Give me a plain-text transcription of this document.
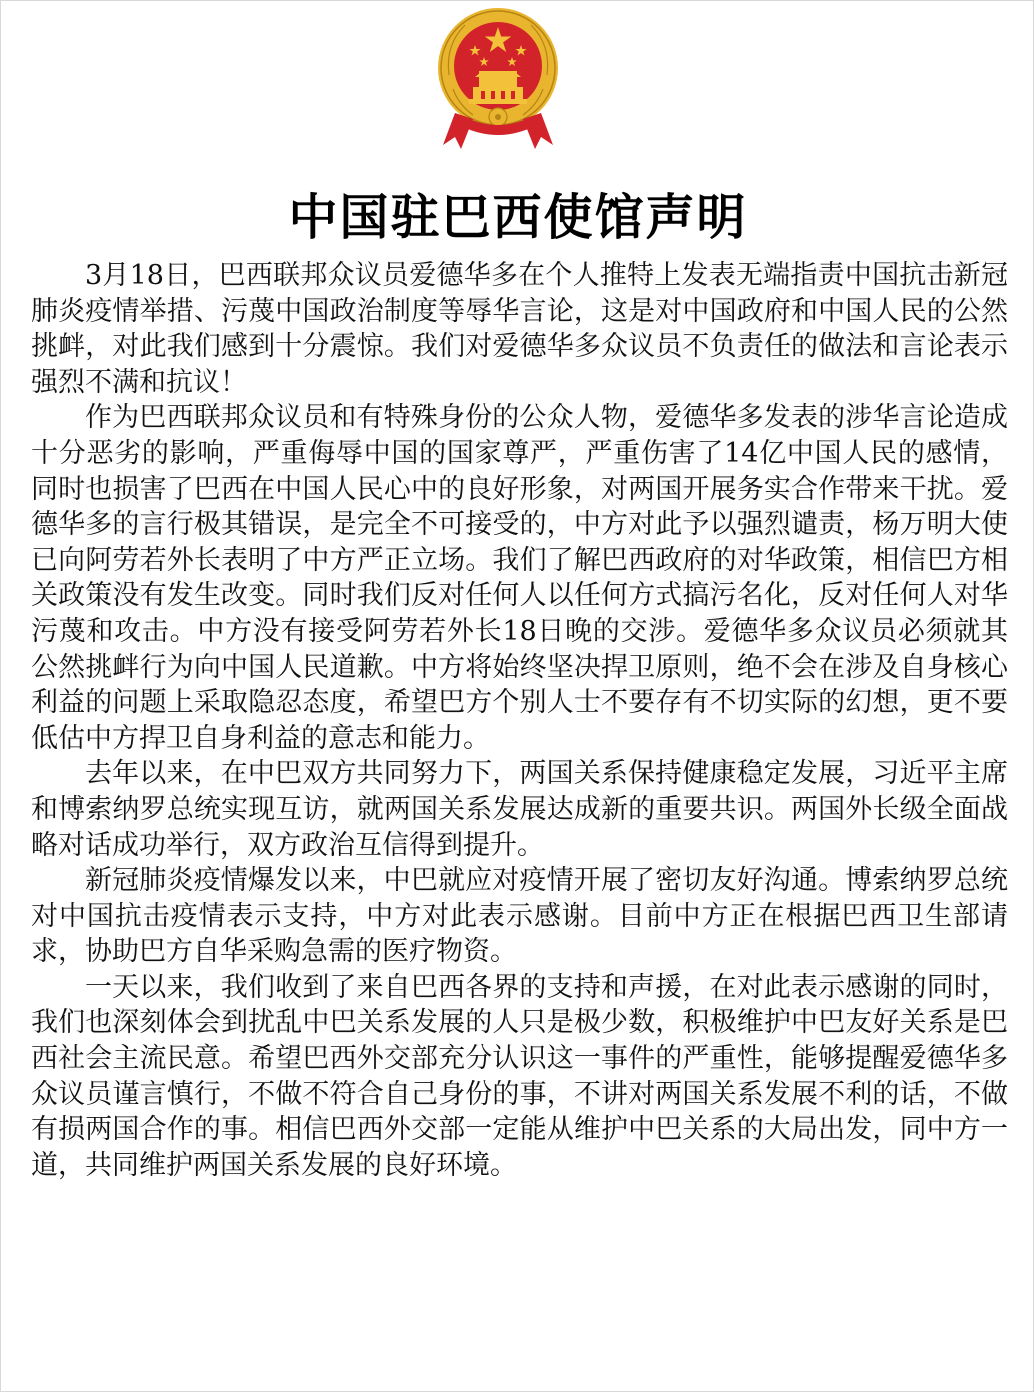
中国驻巴西使馆声明

3月18日，巴西联邦众议员爱德华多在个人推特上发表无端指责中国抗击新冠肺炎疫情举措、污蔑中国政治制度等辱华言论，这是对中国政府和中国人民的公然挑衅，对此我们感到十分震惊。我们对爱德华多众议员不负责任的做法和言论表示强烈不满和抗议！

作为巴西联邦众议员和有特殊身份的公众人物，爱德华多发表的涉华言论造成十分恶劣的影响，严重侮辱中国的国家尊严，严重伤害了14亿中国人民的感情，同时也损害了巴西在中国人民心中的良好形象，对两国开展务实合作带来干扰。爱德华多的言行极其错误，是完全不可接受的，中方对此予以强烈谴责，杨万明大使已向阿劳若外长表明了中方严正立场。我们了解巴西政府的对华政策，相信巴方相关政策没有发生改变。同时我们反对任何人以任何方式搞污名化，反对任何人对华污蔑和攻击。中方没有接受阿劳若外长18日晚的交涉。爱德华多众议员必须就其公然挑衅行为向中国人民道歉。中方将始终坚决捍卫原则，绝不会在涉及自身核心利益的问题上采取隐忍态度，希望巴方个别人士不要存有不切实际的幻想，更不要低估中方捍卫自身利益的意志和能力。

去年以来，在中巴双方共同努力下，两国关系保持健康稳定发展，习近平主席和博索纳罗总统实现互访，就两国关系发展达成新的重要共识。两国外长级全面战略对话成功举行，双方政治互信得到提升。

新冠肺炎疫情爆发以来，中巴就应对疫情开展了密切友好沟通。博索纳罗总统对中国抗击疫情表示支持，中方对此表示感谢。目前中方正在根据巴西卫生部请求，协助巴方自华采购急需的医疗物资。

一天以来，我们收到了来自巴西各界的支持和声援，在对此表示感谢的同时，我们也深刻体会到扰乱中巴关系发展的人只是极少数，积极维护中巴友好关系是巴西社会主流民意。希望巴西外交部充分认识这一事件的严重性，能够提醒爱德华多众议员谨言慎行，不做不符合自己身份的事，不讲对两国关系发展不利的话，不做有损两国合作的事。相信巴西外交部一定能从维护中巴关系的大局出发，同中方一道，共同维护两国关系发展的良好环境。
